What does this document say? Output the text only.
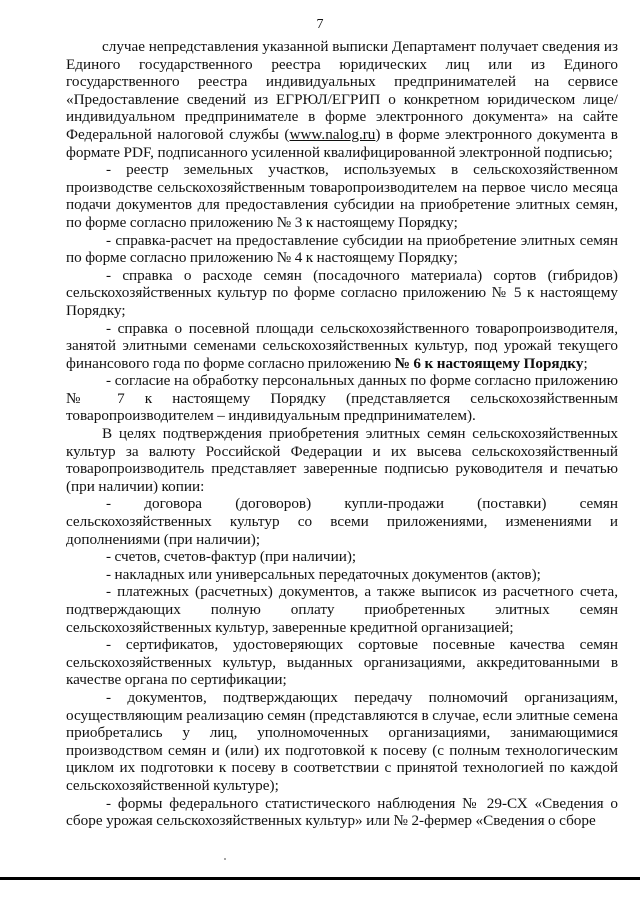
7

случае непредставления указанной выписки Департамент получает сведения из Единого государственного реестра юридических лиц или из Единого государственного реестра индивидуальных предпринимателей на сервисе «Предоставление сведений из ЕГРЮЛ/ЕГРИП о конкретном юридическом лице/индивидуальном предпринимателе в форме электронного документа» на сайте Федеральной налоговой службы (www.nalog.ru) в форме электронного документа в формате PDF, подписанного усиленной квалифицированной электронной подписью;

- реестр земельных участков, используемых в сельскохозяйственном производстве сельскохозяйственным товаропроизводителем на первое число месяца подачи документов для предоставления субсидии на приобретение элитных семян, по форме согласно приложению № 3 к настоящему Порядку;

- справка-расчет на предоставление субсидии на приобретение элитных семян по форме согласно приложению № 4 к настоящему Порядку;

- справка о расходе семян (посадочного материала) сортов (гибридов) сельскохозяйственных культур по форме согласно приложению № 5 к настоящему Порядку;

- справка о посевной площади сельскохозяйственного товаропроизводителя, занятой элитными семенами сельскохозяйственных культур, под урожай текущего финансового года по форме согласно приложению № 6 к настоящему Порядку;

- согласие на обработку персональных данных по форме согласно приложению № 7 к настоящему Порядку (представляется сельскохозяйственным товаропроизводителем – индивидуальным предпринимателем).

В целях подтверждения приобретения элитных семян сельскохозяйственных культур за валюту Российской Федерации и их высева сельскохозяйственный товаропроизводитель представляет заверенные подписью руководителя и печатью (при наличии) копии:

- договора (договоров) купли-продажи (поставки) семян сельскохозяйственных культур со всеми приложениями, изменениями и дополнениями (при наличии);

- счетов, счетов-фактур (при наличии);

- накладных или универсальных передаточных документов (актов);

- платежных (расчетных) документов, а также выписок из расчетного счета, подтверждающих полную оплату приобретенных элитных семян сельскохозяйственных культур, заверенные кредитной организацией;

- сертификатов, удостоверяющих сортовые посевные качества семян сельскохозяйственных культур, выданных организациями, аккредитованными в качестве органа по сертификации;

- документов, подтверждающих передачу полномочий организациям, осуществляющим реализацию семян (представляются в случае, если элитные семена приобретались у лиц, уполномоченных организациями, занимающимися производством семян и (или) их подготовкой к посеву (с полным технологическим циклом их подготовки к посеву в соответствии с принятой технологией по каждой сельскохозяйственной культуре);

- формы федерального статистического наблюдения № 29-СХ «Сведения о сборе урожая сельскохозяйственных культур» или № 2-фермер «Сведения о сборе
